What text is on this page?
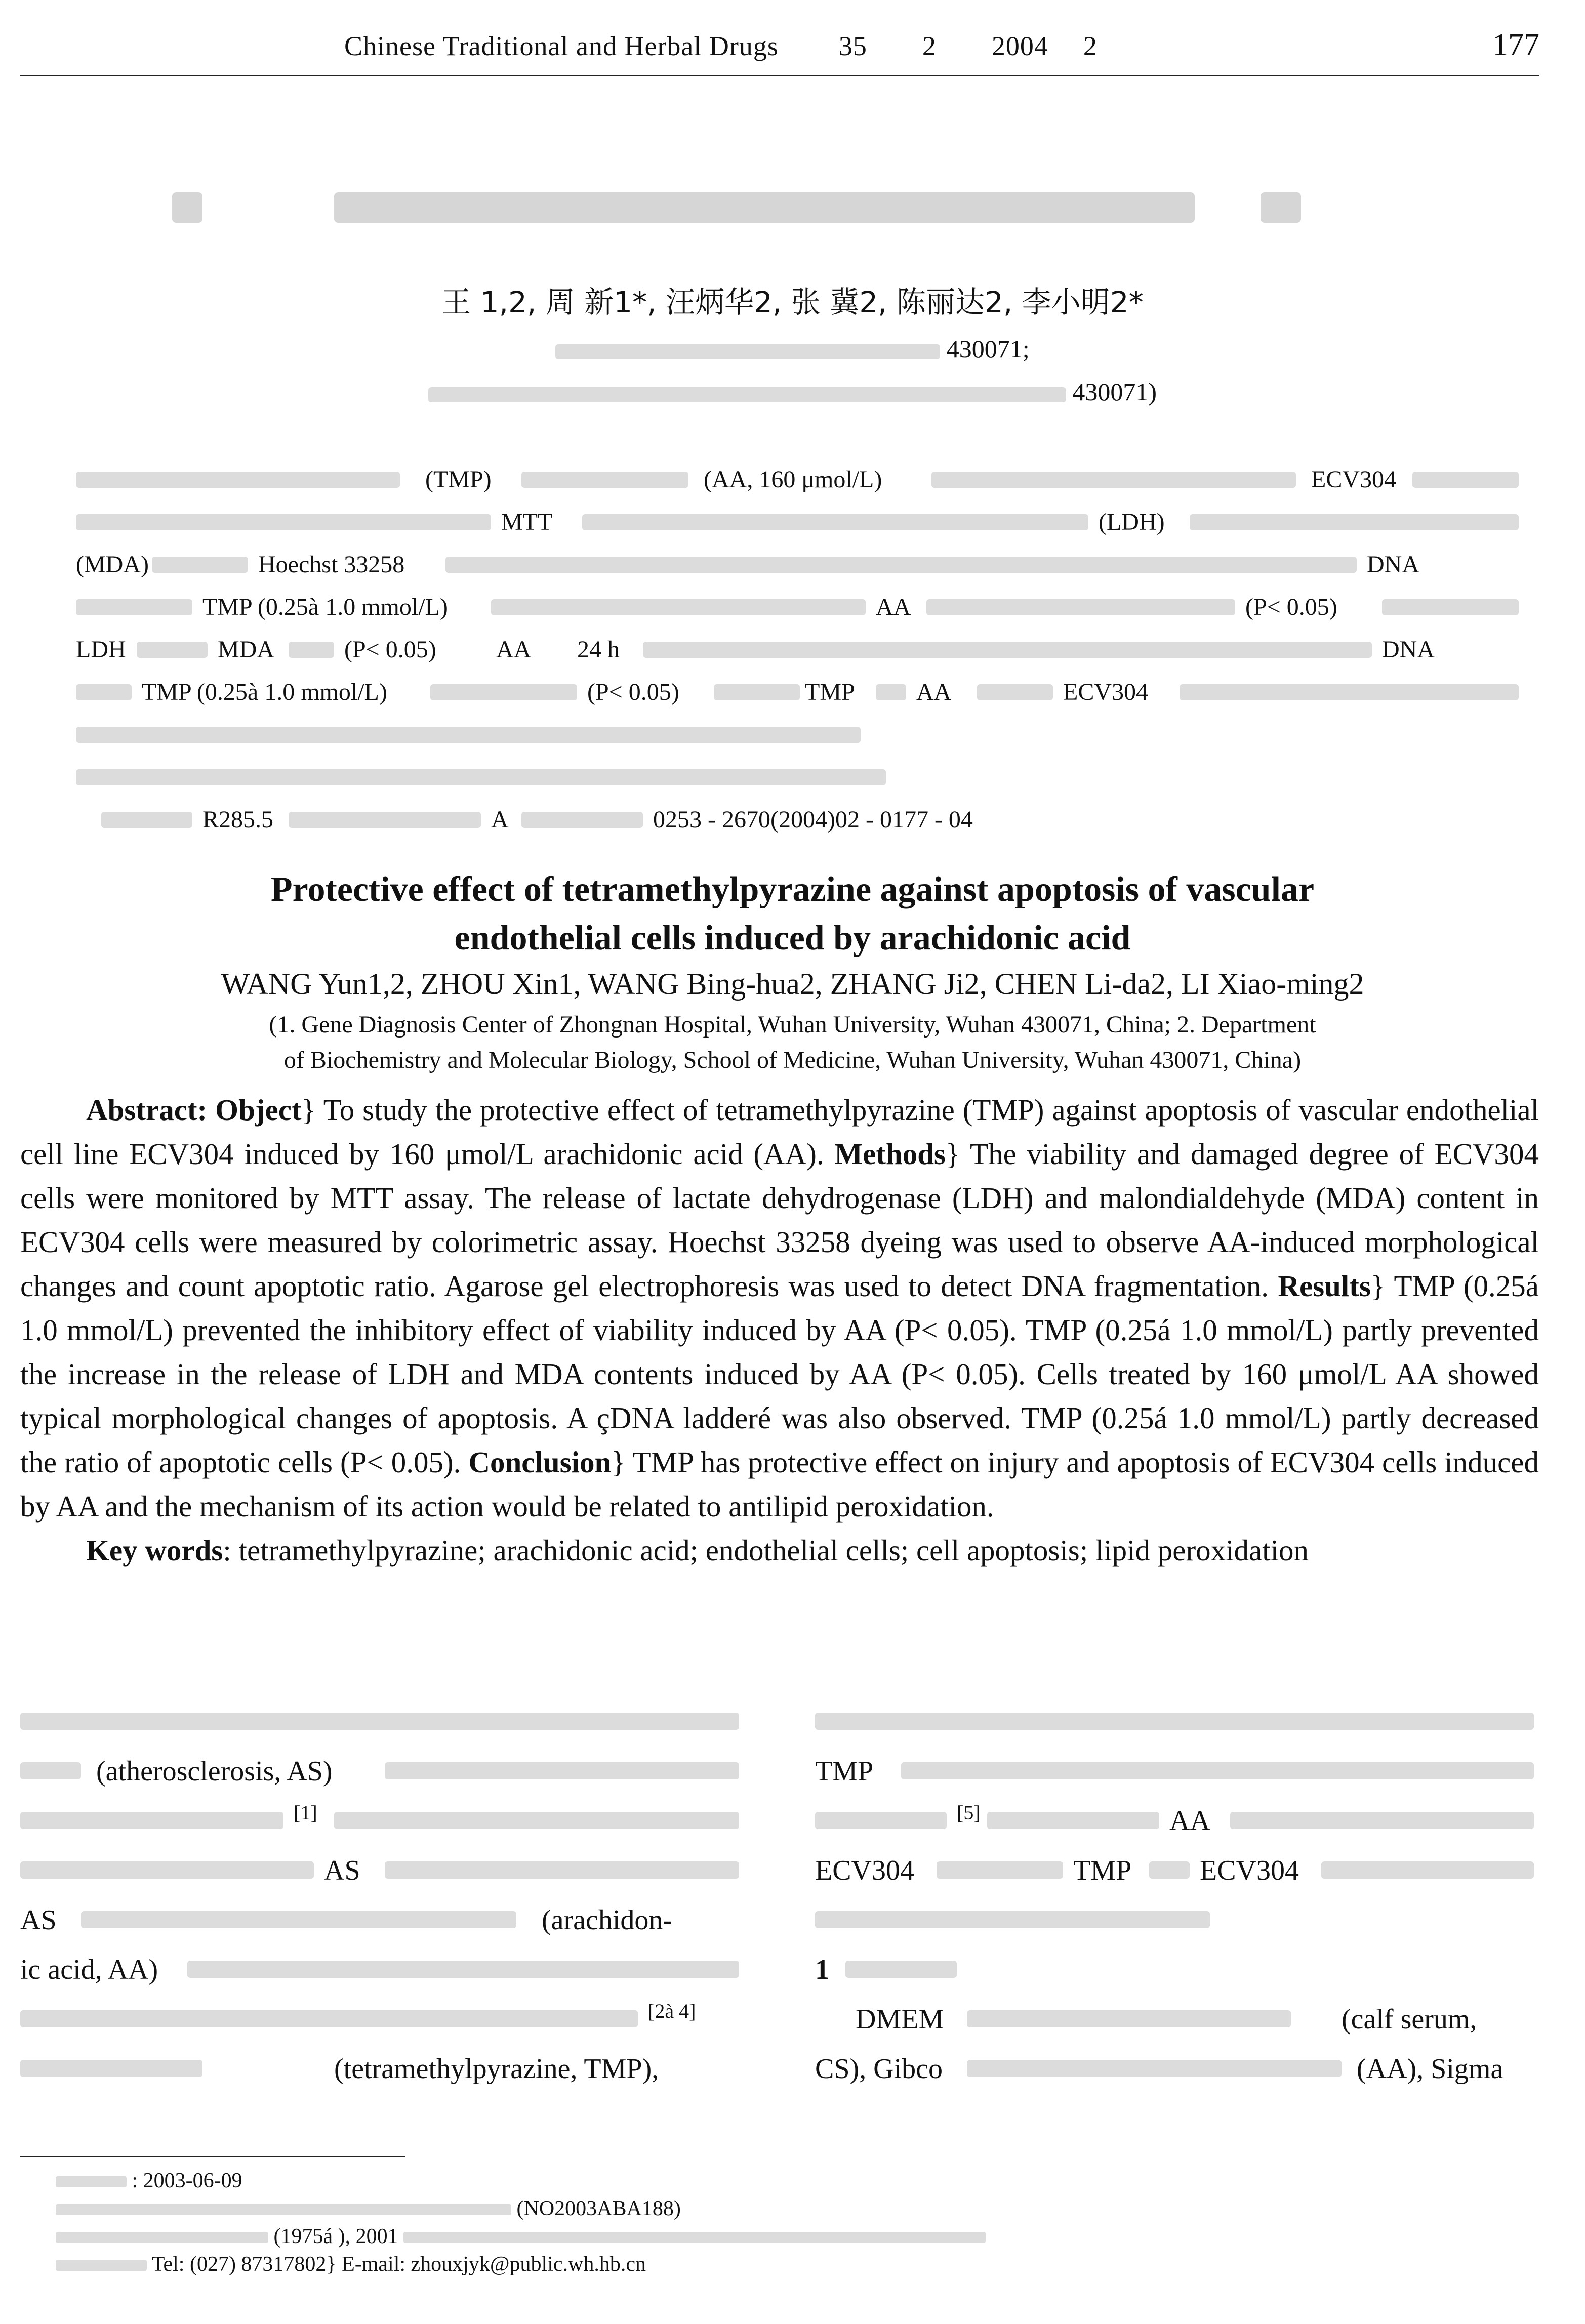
Chinese Traditional and Herbal Drugs 35 2 2004 2	177
王 1,2, 周 新1*, 汪炳华2, 张 冀2, 陈丽达2, 李小明2*
430071;
430071)
(TMP)	(AA, 160 μmol/L)	ECV304
MTT	(LDH)
(MDA)	Hoechst 33258	DNA
TMP (0.25à 1.0 mmol/L)	AA	(P< 0.05)
LDH	MDA	(P< 0.05) AA 24 h	DNA
TMP (0.25à 1.0 mmol/L)	(P< 0.05)	TMP	AA	ECV304
R285.5	A	0253 - 2670(2004)02 - 0177 - 04
Protective effect of tetramethylpyrazine against apoptosis of vascular
endothelial cells induced by arachidonic acid
WANG Yun1,2, ZHOU Xin1, WANG Bing-hua2, ZHANG Ji2, CHEN Li-da2, LI Xiao-ming2
(1. Gene Diagnosis Center of Zhongnan Hospital, Wuhan University, Wuhan 430071, China; 2. Department
of Biochemistry and Molecular Biology, School of Medicine, Wuhan University, Wuhan 430071, China)

Abstract: Object} To study the protective effect of tetramethylpyrazine (TMP) against apoptosis of vascular endothelial cell line ECV304 induced by 160 μmol/L arachidonic acid (AA). Methods} The viability and damaged degree of ECV304 cells were monitored by MTT assay. The release of lactate dehydrogenase (LDH) and malondialdehyde (MDA) content in ECV304 cells were measured by colorimetric assay. Hoechst 33258 dyeing was used to observe AA-induced morphological changes and count apoptotic ratio. Agarose gel electrophoresis was used to detect DNA fragmentation. Results} TMP (0.25á 1.0 mmol/L) prevented the inhibitory effect of viability induced by AA (P< 0.05). TMP (0.25á 1.0 mmol/L) partly prevented the increase in the release of LDH and MDA contents induced by AA (P< 0.05). Cells treated by 160 μmol/L AA showed typical morphological changes of apoptosis. A çDNA ladderé was also observed. TMP (0.25á 1.0 mmol/L) partly decreased the ratio of apoptotic cells (P< 0.05). Conclusion} TMP has protective effect on injury and apoptosis of ECV304 cells induced by AA and the mechanism of its action would be related to antilipid peroxidation.

Key words: tetramethylpyrazine; arachidonic acid; endothelial cells; cell apoptosis; lipid peroxidation

(atherosclerosis, AS)
[1]
AS
AS	(arachidon-
ic acid, AA)
[2à 4]
(tetramethylpyrazine, TMP),
TMP
[5]	AA
ECV304	TMP ECV304
1
DMEM	(calf serum,
CS), Gibco	(AA), Sigma
: 2003-06-09
(NO2003ABA188)
(1975á ), 2001
Tel: (027) 87317802} E-mail: zhouxjyk@public.wh.hb.cn
